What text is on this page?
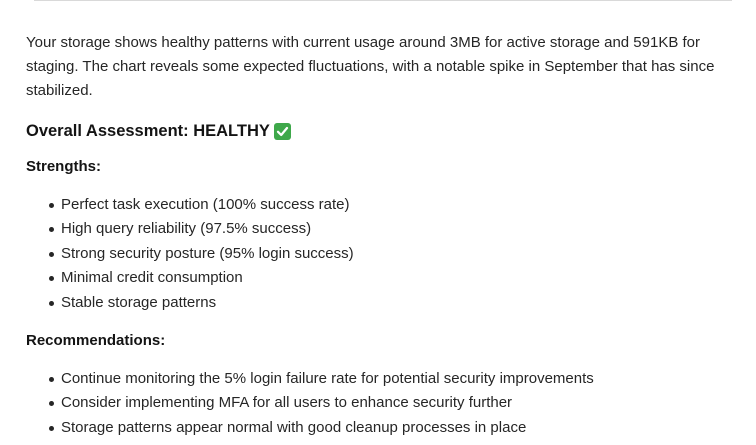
Your storage shows healthy patterns with current usage around 3MB for active storage and 591KB for staging. The chart reveals some expected fluctuations, with a notable spike in September that has since stabilized.

Overall Assessment: HEALTHY
Strengths:
Perfect task execution (100% success rate)
High query reliability (97.5% success)
Strong security posture (95% login success)
Minimal credit consumption
Stable storage patterns
Recommendations:
Continue monitoring the 5% login failure rate for potential security improvements
Consider implementing MFA for all users to enhance security further
Storage patterns appear normal with good cleanup processes in place
